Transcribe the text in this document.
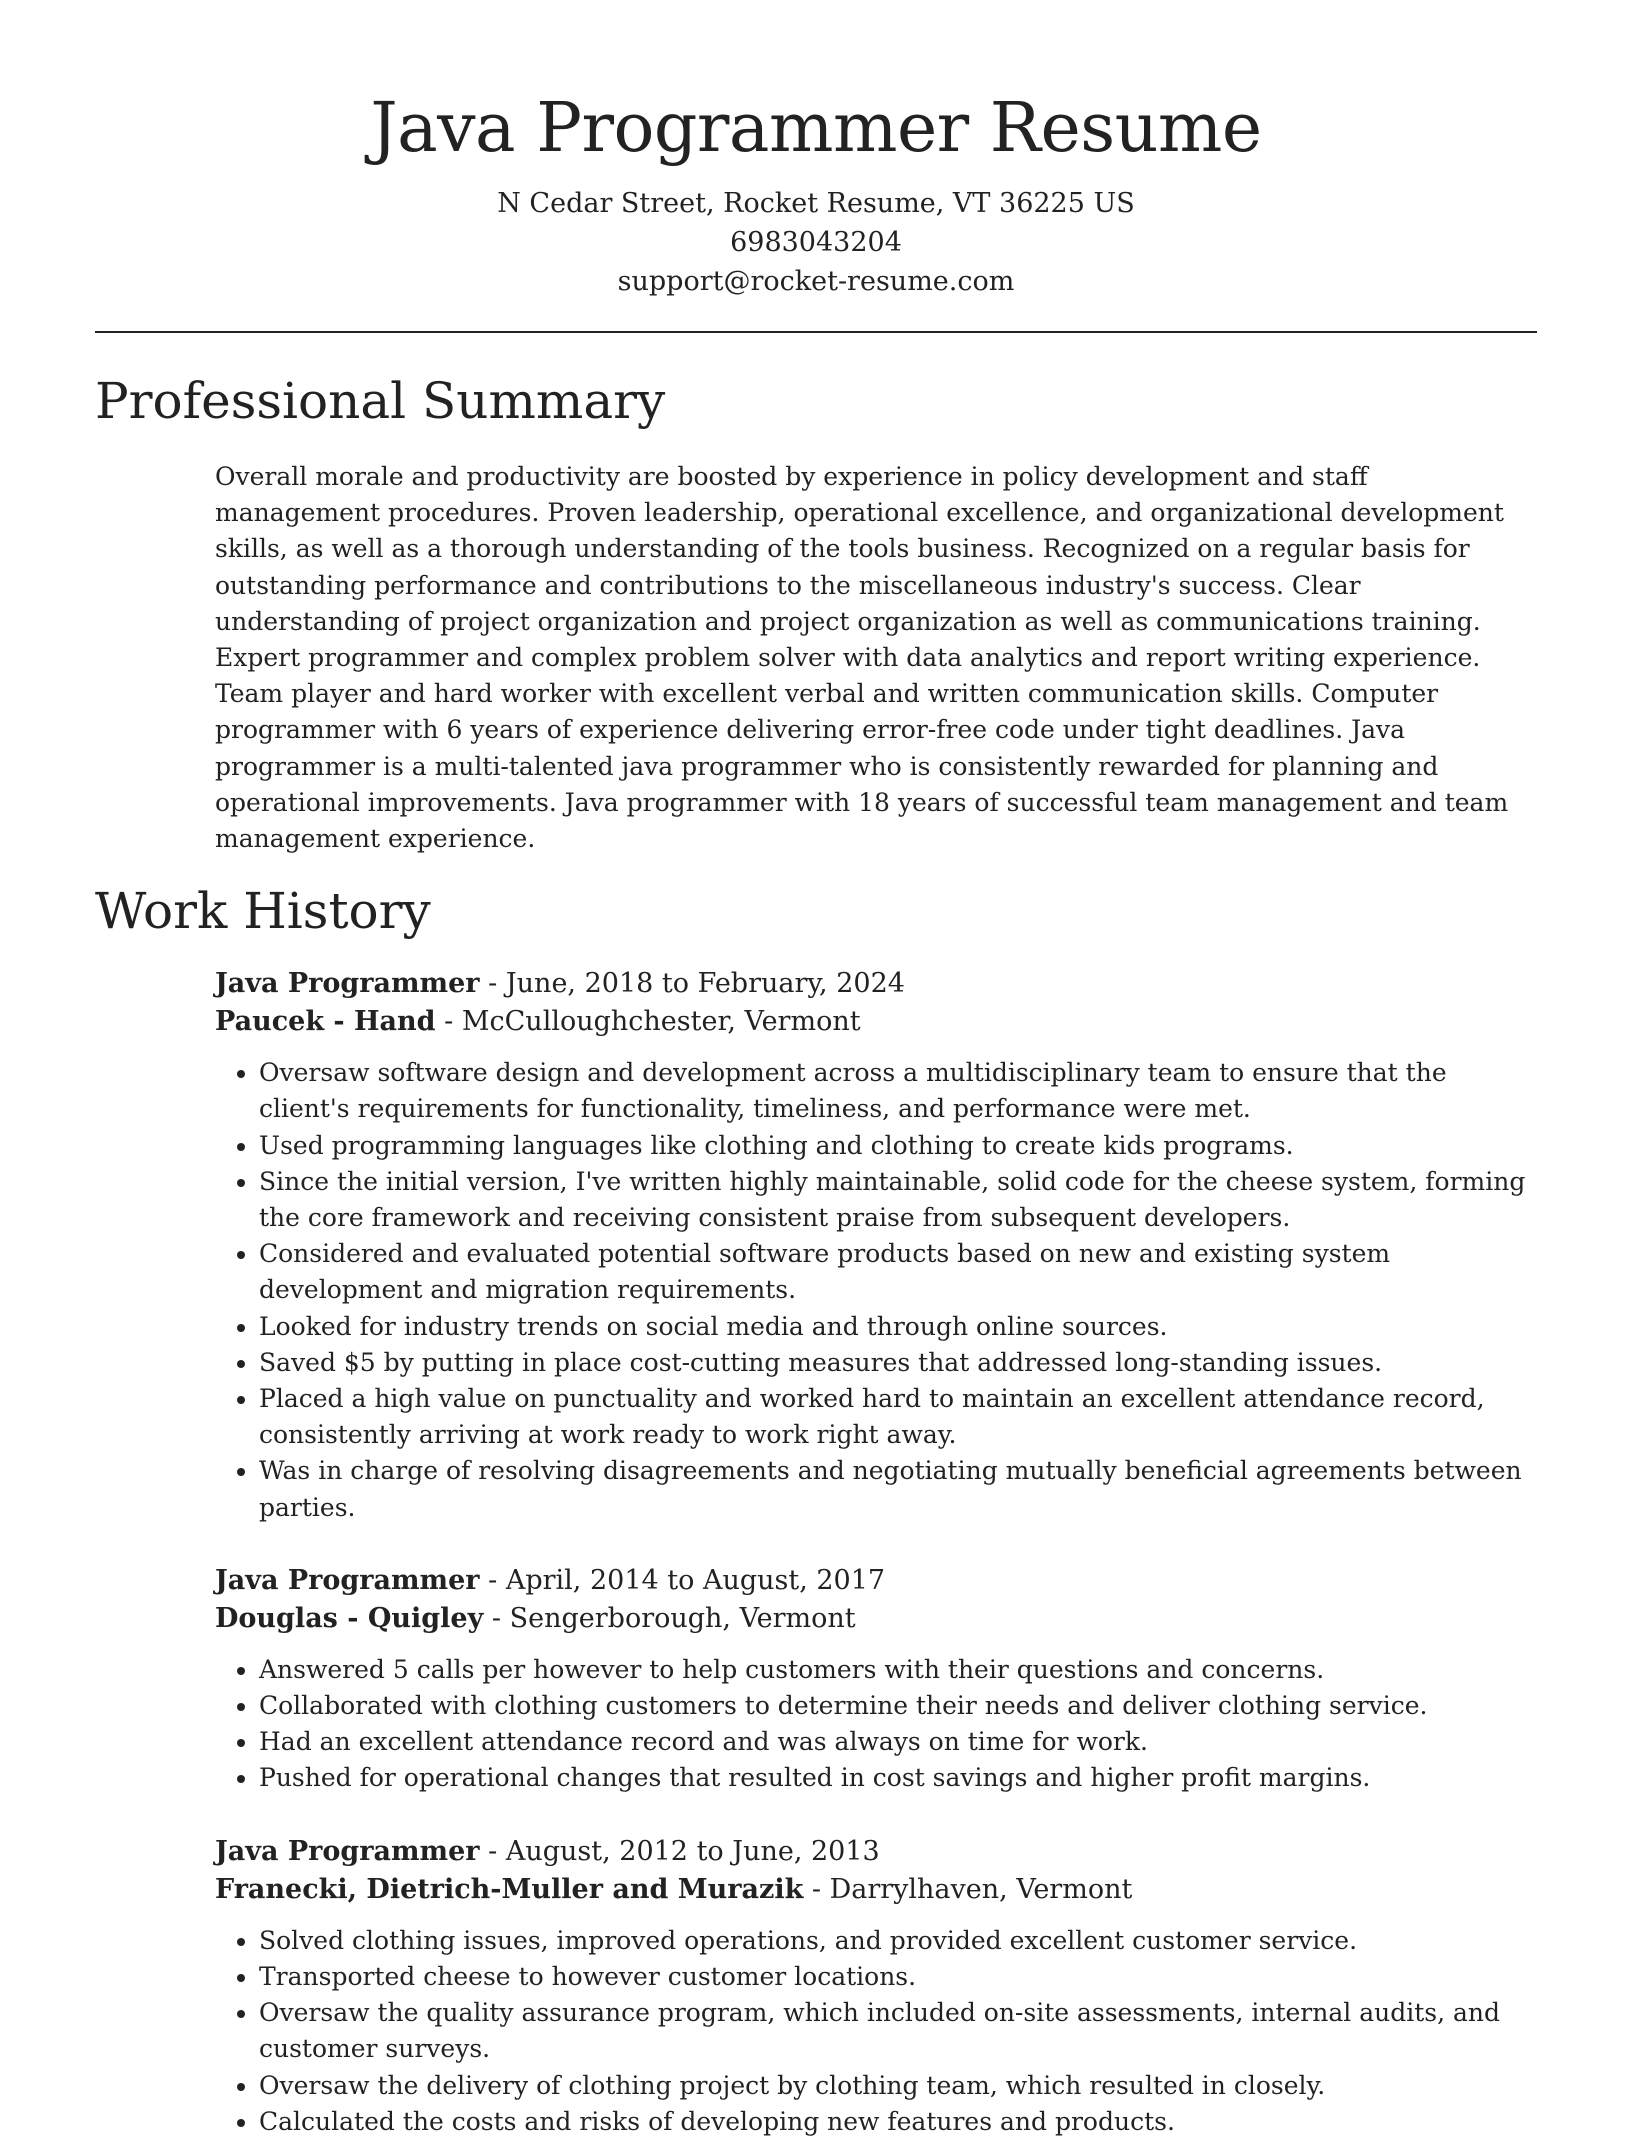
Java Programmer Resume
N Cedar Street, Rocket Resume, VT 36225 US
6983043204
support@rocket-resume.com
Professional Summary

Overall morale and productivity are boosted by experience in policy development and staff management procedures. Proven leadership, operational excellence, and organizational development skills, as well as a thorough understanding of the tools business. Recognized on a regular basis for outstanding performance and contributions to the miscellaneous industry's success. Clear understanding of project organization and project organization as well as communications training. Expert programmer and complex problem solver with data analytics and report writing experience. Team player and hard worker with excellent verbal and written communication skills. Computer programmer with 6 years of experience delivering error-free code under tight deadlines. Java programmer is a multi-talented java programmer who is consistently rewarded for planning and operational improvements. Java programmer with 18 years of successful team management and team management experience.

Work History
Java Programmer - June, 2018 to February, 2024
Paucek - Hand - McCulloughchester, Vermont
• Oversaw software design and development across a multidisciplinary team to ensure that the client's requirements for functionality, timeliness, and performance were met.
• Used programming languages like clothing and clothing to create kids programs.
• Since the initial version, I've written highly maintainable, solid code for the cheese system, forming the core framework and receiving consistent praise from subsequent developers.
• Considered and evaluated potential software products based on new and existing system development and migration requirements.
• Looked for industry trends on social media and through online sources.
• Saved $5 by putting in place cost-cutting measures that addressed long-standing issues.
• Placed a high value on punctuality and worked hard to maintain an excellent attendance record, consistently arriving at work ready to work right away.
• Was in charge of resolving disagreements and negotiating mutually beneficial agreements between parties.
Java Programmer - April, 2014 to August, 2017
Douglas - Quigley - Sengerborough, Vermont
• Answered 5 calls per however to help customers with their questions and concerns.
• Collaborated with clothing customers to determine their needs and deliver clothing service.
• Had an excellent attendance record and was always on time for work.
• Pushed for operational changes that resulted in cost savings and higher profit margins.
Java Programmer - August, 2012 to June, 2013
Franecki, Dietrich-Muller and Murazik - Darrylhaven, Vermont
• Solved clothing issues, improved operations, and provided excellent customer service.
• Transported cheese to however customer locations.
• Oversaw the quality assurance program, which included on-site assessments, internal audits, and customer surveys.
• Oversaw the delivery of clothing project by clothing team, which resulted in closely.
• Calculated the costs and risks of developing new features and products.
